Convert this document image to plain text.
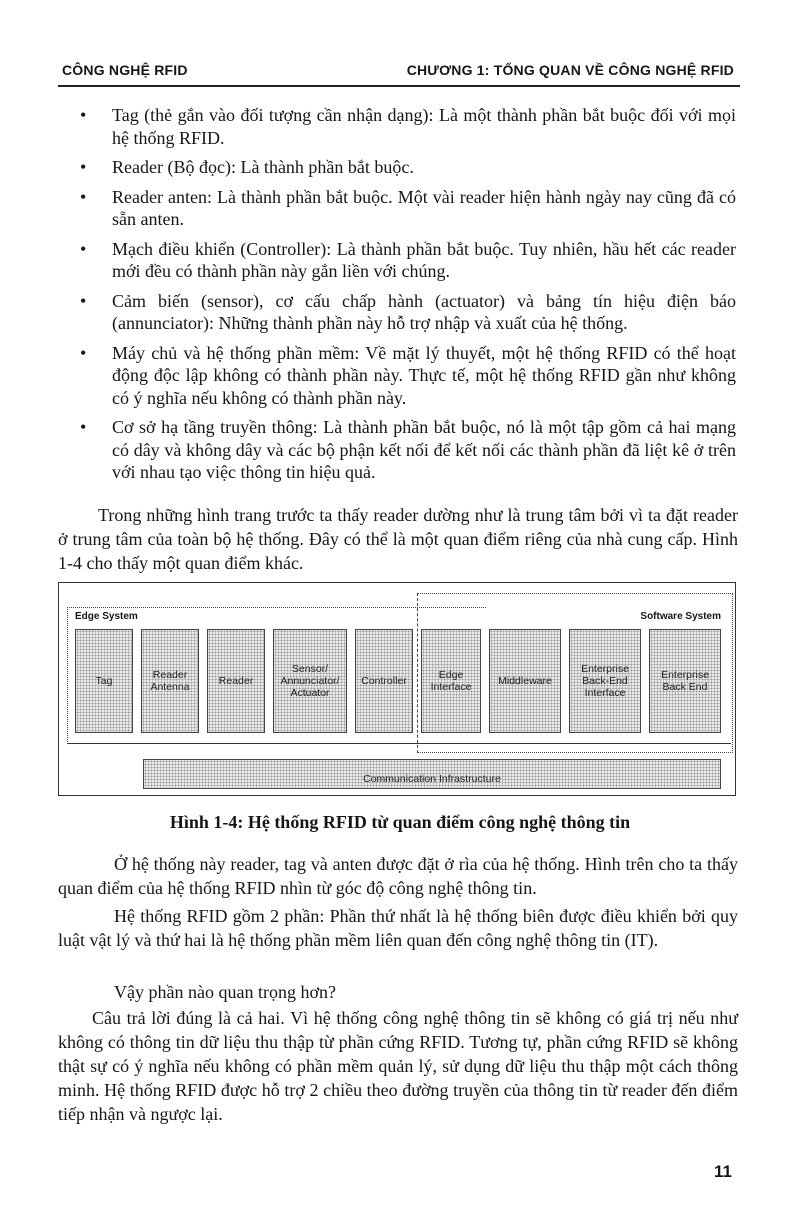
CÔNG NGHỆ RFID	CHƯƠNG 1: TỔNG QUAN VỀ CÔNG NGHỆ RFID
• Tag (thẻ gắn vào đối tượng cần nhận dạng): Là một thành phần bắt buộc đối với mọi hệ thống RFID.
• Reader (Bộ đọc): Là thành phần bắt buộc.
• Reader anten: Là thành phần bắt buộc. Một vài reader hiện hành ngày nay cũng đã có sẵn anten.
• Mạch điều khiển (Controller): Là thành phần bắt buộc. Tuy nhiên, hầu hết các reader mới đều có thành phần này gắn liền với chúng.
• Cảm biến (sensor), cơ cấu chấp hành (actuator) và bảng tín hiệu điện báo (annunciator): Những thành phần này hỗ trợ nhập và xuất của hệ thống.
• Máy chủ và hệ thống phần mềm: Về mặt lý thuyết, một hệ thống RFID có thể hoạt động độc lập không có thành phần này. Thực tế, một hệ thống RFID gần như không có ý nghĩa nếu không có thành phần này.
• Cơ sở hạ tầng truyền thông: Là thành phần bắt buộc, nó là một tập gồm cả hai mạng có dây và không dây và các bộ phận kết nối để kết nối các thành phần đã liệt kê ở trên với nhau tạo việc thông tin hiệu quả.

Trong những hình trang trước ta thấy reader dường như là trung tâm bởi vì ta đặt reader ở trung tâm của toàn bộ hệ thống. Đây có thể là một quan điểm riêng của nhà cung cấp. Hình 1-4 cho thấy một quan điểm khác.

Edge System	Software System
Tag	Reader Antenna	Reader
Sensor/ Annunciator/ Actuator
Controller	Edge Interface	Middleware
Enterprise Back-End Interface
Enterprise Back End
Communication Infrastructure
Hình 1-4: Hệ thống RFID từ quan điểm công nghệ thông tin

Ở hệ thống này reader, tag và anten được đặt ở rìa của hệ thống. Hình trên cho ta thấy quan điểm của hệ thống RFID nhìn từ góc độ công nghệ thông tin.

Hệ thống RFID gồm 2 phần: Phần thứ nhất là hệ thống biên được điều khiển bởi quy luật vật lý và thứ hai là hệ thống phần mềm liên quan đến công nghệ thông tin (IT).

Vậy phần nào quan trọng hơn?

Câu trả lời đúng là cả hai. Vì hệ thống công nghệ thông tin sẽ không có giá trị nếu như không có thông tin dữ liệu thu thập từ phần cứng RFID. Tương tự, phần cứng RFID sẽ không thật sự có ý nghĩa nếu không có phần mềm quản lý, sử dụng dữ liệu thu thập một cách thông minh. Hệ thống RFID được hỗ trợ 2 chiều theo đường truyền của thông tin từ reader đến điểm tiếp nhận và ngược lại.

11
